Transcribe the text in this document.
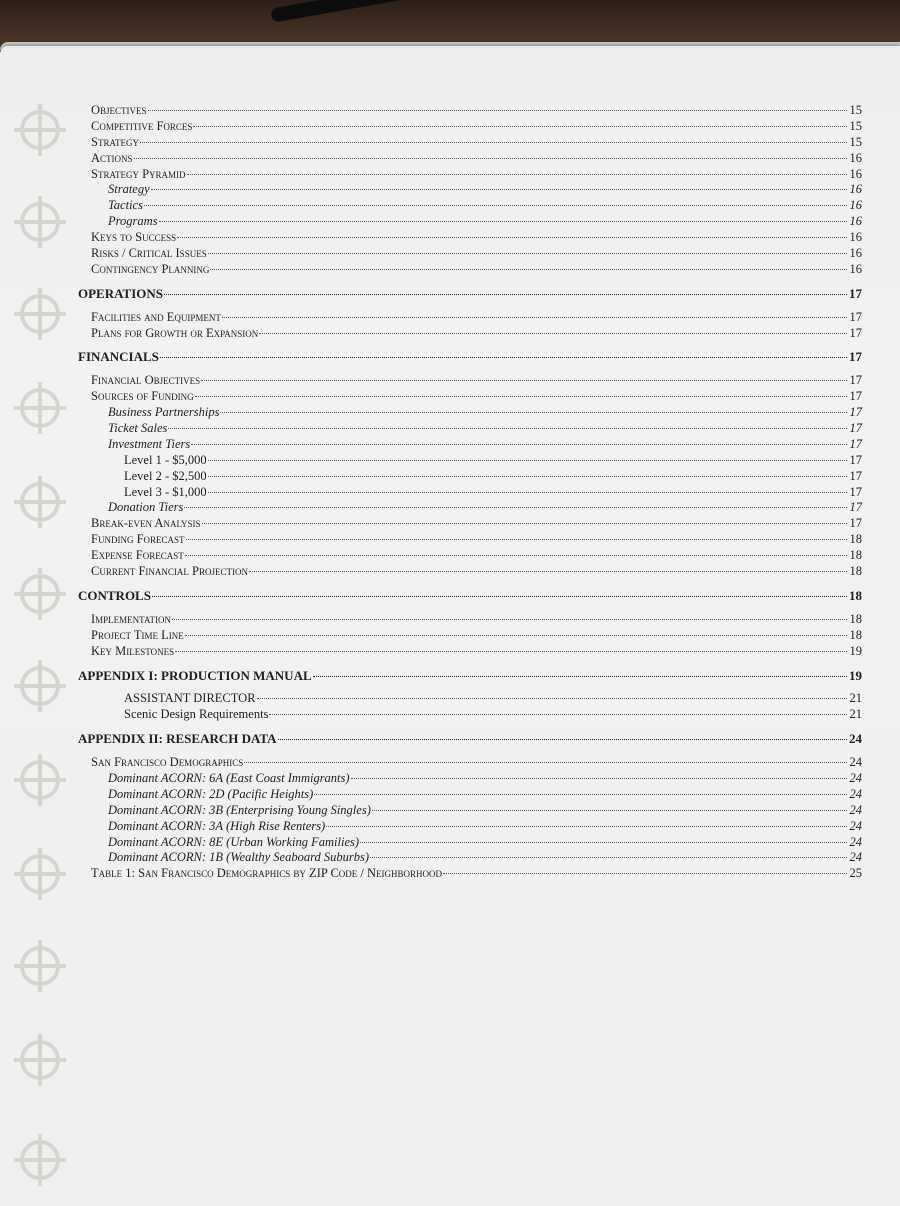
Objectives	15
Competitive Forces	15
Strategy	15
Actions	16
Strategy Pyramid	16
Strategy	16
Tactics	16
Programs	16
Keys to Success	16
Risks / Critical Issues	16
Contingency Planning	16
OPERATIONS	17
Facilities and Equipment	17
Plans for Growth or Expansion	17
FINANCIALS	17
Financial Objectives	17
Sources of Funding	17
Business Partnerships	17
Ticket Sales	17
Investment Tiers	17
Level 1 - $5,000	17
Level 2 - $2,500	17
Level 3 - $1,000	17
Donation Tiers	17
Break-even Analysis	17
Funding Forecast	18
Expense Forecast	18
Current Financial Projection	18
CONTROLS	18
Implementation	18
Project Time Line	18
Key Milestones	19
APPENDIX I: PRODUCTION MANUAL	19
ASSISTANT DIRECTOR	21
Scenic Design Requirements	21
APPENDIX II: RESEARCH DATA	24
San Francisco Demographics	24
Dominant ACORN: 6A (East Coast Immigrants)	24
Dominant ACORN: 2D (Pacific Heights)	24
Dominant ACORN: 3B (Enterprising Young Singles)	24
Dominant ACORN: 3A (High Rise Renters)	24
Dominant ACORN: 8E (Urban Working Families)	24
Dominant ACORN: 1B (Wealthy Seaboard Suburbs)	24
Table 1: San Francisco Demographics by ZIP Code / Neighborhood	25
